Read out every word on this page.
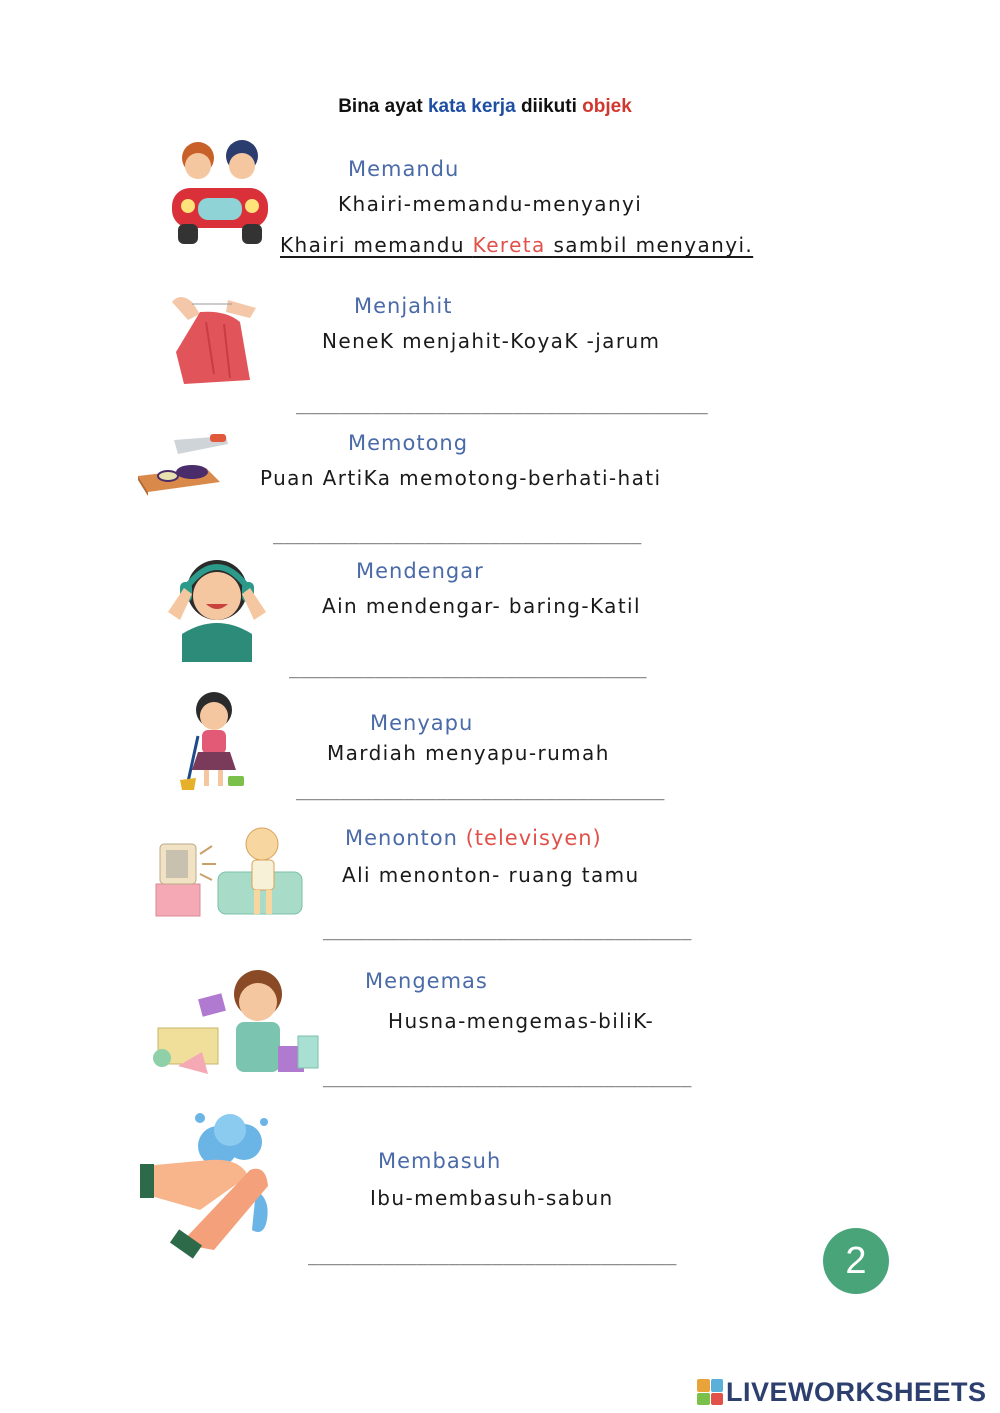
Bina ayat kata kerja diikuti objek
Memandu
Khairi-memandu-menyanyi
Khairi memandu Kereta sambil menyanyi.
Menjahit
NeneK menjahit-KoyaK -jarum
______________________________________
Memotong
Puan ArtiKa memotong-berhati-hati
__________________________________
Mendengar
Ain mendengar- baring-Katil
_________________________________
Menyapu
Mardiah menyapu-rumah
__________________________________
Menonton (televisyen)
Ali menonton- ruang tamu
__________________________________
Mengemas
Husna-mengemas-biliK-
__________________________________
Membasuh
Ibu-membasuh-sabun
__________________________________	2
LIVEWORKSHEETS
